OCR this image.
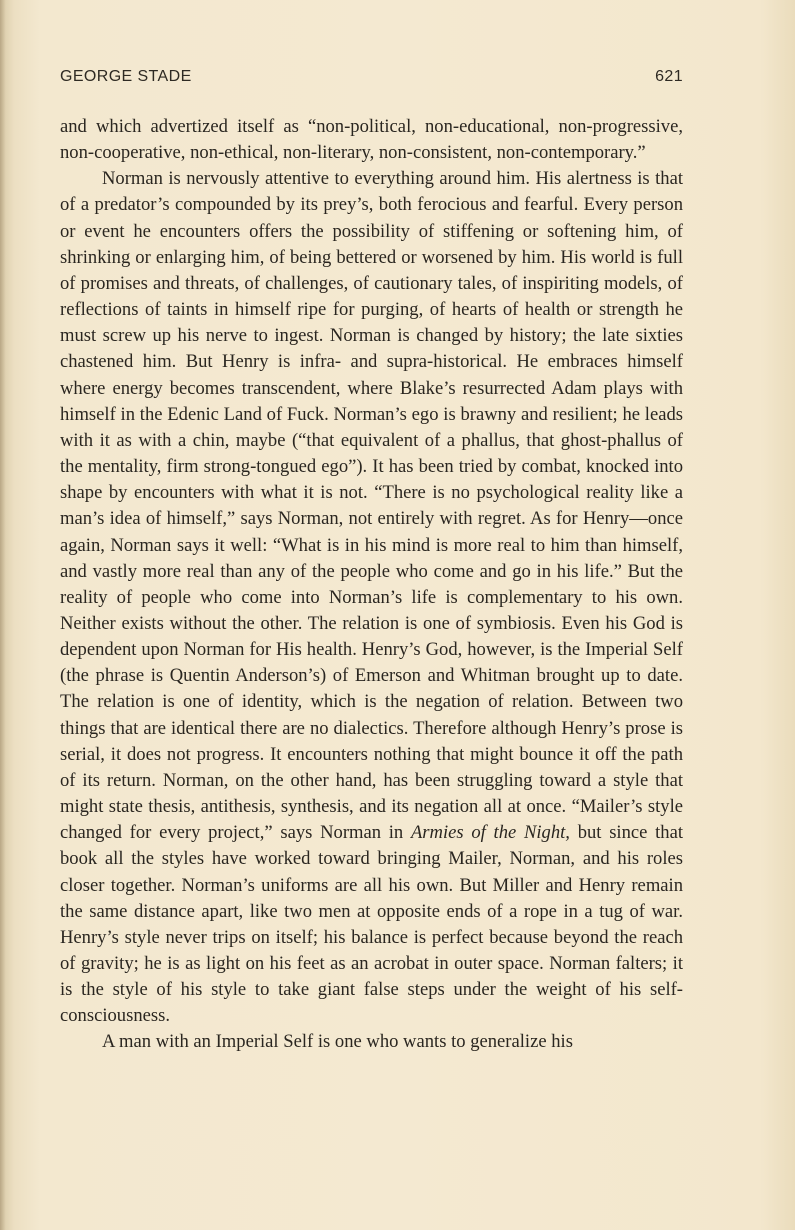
GEORGE STADE	621

and which advertized itself as “non-political, non-educational, non-progressive, non-cooperative, non-ethical, non-literary, non-consistent, non-contemporary.”

Norman is nervously attentive to everything around him. His alertness is that of a predator’s compounded by its prey’s, both ferocious and fearful. Every person or event he encounters offers the possibility of stiffening or softening him, of shrinking or enlarging him, of being bettered or worsened by him. His world is full of promises and threats, of challenges, of cautionary tales, of inspiriting models, of reflections of taints in himself ripe for purging, of hearts of health or strength he must screw up his nerve to ingest. Norman is changed by history; the late sixties chastened him. But Henry is infra- and supra-historical. He embraces himself where energy becomes transcendent, where Blake’s resurrected Adam plays with himself in the Edenic Land of Fuck. Norman’s ego is brawny and resilient; he leads with it as with a chin, maybe (“that equivalent of a phallus, that ghost-phallus of the mentality, firm strong-tongued ego”). It has been tried by combat, knocked into shape by encounters with what it is not. “There is no psychological reality like a man’s idea of himself,” says Norman, not entirely with regret. As for Henry—once again, Norman says it well: “What is in his mind is more real to him than himself, and vastly more real than any of the people who come and go in his life.” But the reality of people who come into Norman’s life is complementary to his own. Neither exists without the other. The relation is one of symbiosis. Even his God is dependent upon Norman for His health. Henry’s God, however, is the Imperial Self (the phrase is Quentin Anderson’s) of Emerson and Whitman brought up to date. The relation is one of identity, which is the negation of relation. Between two things that are identical there are no dialectics. Therefore although Henry’s prose is serial, it does not progress. It encounters nothing that might bounce it off the path of its return. Norman, on the other hand, has been struggling toward a style that might state thesis, antithesis, synthesis, and its negation all at once. “Mailer’s style changed for every project,” says Norman in Armies of the Night, but since that book all the styles have worked toward bringing Mailer, Norman, and his roles closer together. Norman’s uniforms are all his own. But Miller and Henry remain the same distance apart, like two men at opposite ends of a rope in a tug of war. Henry’s style never trips on itself; his balance is perfect because beyond the reach of gravity; he is as light on his feet as an acrobat in outer space. Norman falters; it is the style of his style to take giant false steps under the weight of his self-consciousness.

A man with an Imperial Self is one who wants to generalize his
